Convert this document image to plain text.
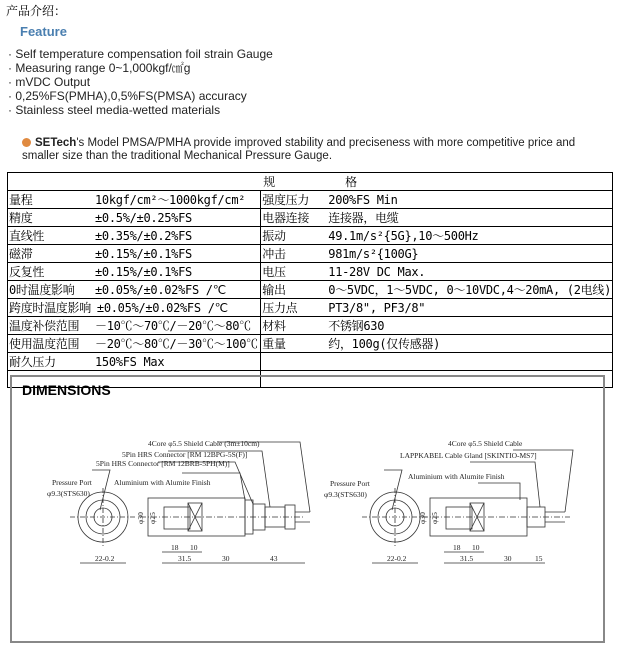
产品介绍：
Feature
· Self temperature compensation foil strain Gauge
· Measuring range 0~1,000kgf/㎠g
· mVDC Output
· 0,25%FS(PMHA),0,5%FS(PMSA) accuracy
· Stainless steel media-wetted materials
SETech's Model PMSA/PMHA provide improved stability and preciseness with more competitive price and smaller size than the traditional Mechanical Pressure Gauge.
规　　　　　　格	
量程 10kgf/cm²～1000kgf/cm²	强度压力 200%FS Min
精度 ±0.5%/±0.25%FS	电器连接 连接器，电缆
直线性 ±0.35%/±0.2%FS	振动 49.1m/s²{5G},10～500Hz
磁滞 ±0.15%/±0.1%FS	冲击 981m/s²{100G}
反复性 ±0.15%/±0.1%FS	电压 11-28V DC Max.
0时温度影响 ±0.05%/±0.02%FS /℃	输出 0～5VDC，1～5VDC, 0～10VDC,4～20mA, (2电线)
跨度时温度影响 ±0.05%/±0.02%FS /℃	压力点 PT3/8", PF3/8"
温度补偿范围 －10℃～70℃/－20℃～80℃	材料 不锈钢630
使用温度范围 －20℃～80℃/－30℃～100℃	重量 约，100g(仅传感器)
耐久压力 150%FS Max	

DIMENSIONS
4Core φ5.5 Shield Cable (3m±10cm)
5Pin HRS Connector [RM 12BPG-5S(F)]
5Pin HRS Connector [RM 12BRB-5PH(M)]
Pressure Port
φ9.3(STS630)
Aluminium with Alumite Finish
φ30 φ25
22-0.2
18 10
31.5	30	43
4Core φ5.5 Shield Cable
LAPPKABEL Cable Gland [SKINTIO-MS7]
Pressure Port
φ9.3(STS630)
Aluminium with Alumite Finish
φ30 φ25
22-0.2
18 10
31.5	30	15
